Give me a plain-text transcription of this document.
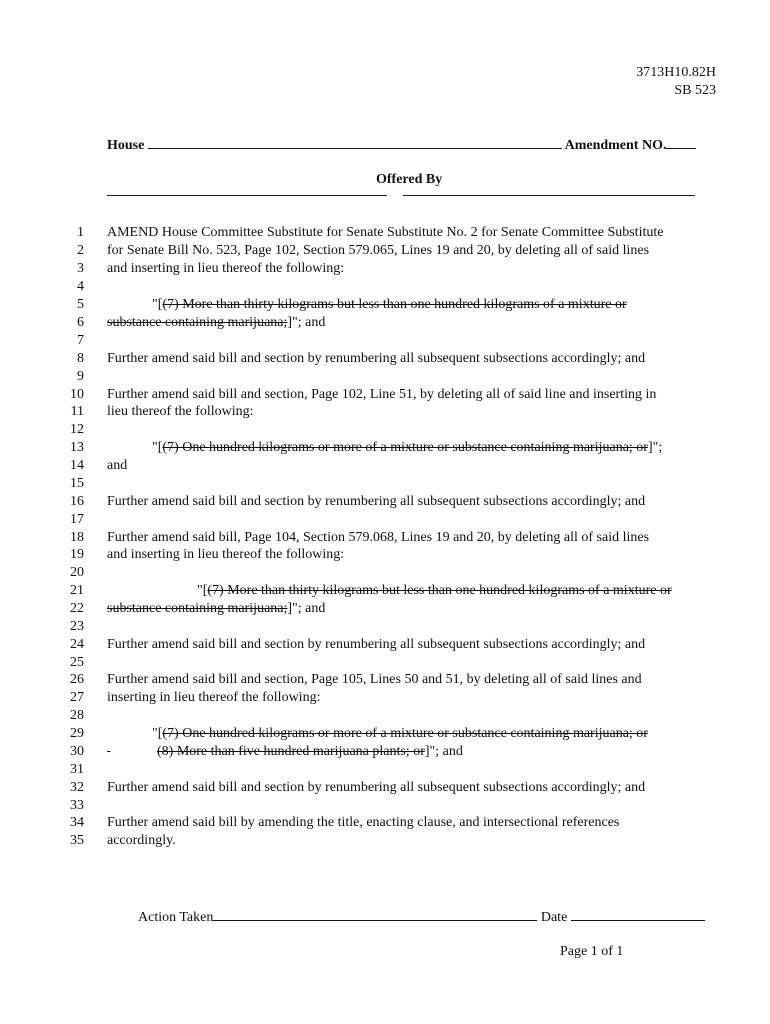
3713H10.82H
SB 523
House	Amendment NO.
Offered By
1
2
3
4
5
6
7
8
9
10
11
12
13
14
15
16
17
18
19
20
21
22
23
24
25
26
27
28
29
30
31
32
33
34
35
AMEND House Committee Substitute for Senate Substitute No. 2 for Senate Committee Substitute
for Senate Bill No. 523, Page 102, Section 579.065, Lines 19 and 20, by deleting all of said lines
and inserting in lieu thereof the following:
"[(7) More than thirty kilograms but less than one hundred kilograms of a mixture or
substance containing marijuana;]"; and
Further amend said bill and section by renumbering all subsequent subsections accordingly; and
Further amend said bill and section, Page 102, Line 51, by deleting all of said line and inserting in
lieu thereof the following:
"[(7) One hundred kilograms or more of a mixture or substance containing marijuana; or]";
and
Further amend said bill and section by renumbering all subsequent subsections accordingly; and
Further amend said bill, Page 104, Section 579.068, Lines 19 and 20, by deleting all of said lines
and inserting in lieu thereof the following:
"[(7) More than thirty kilograms but less than one hundred kilograms of a mixture or
substance containing marijuana;]"; and
Further amend said bill and section by renumbering all subsequent subsections accordingly; and
Further amend said bill and section, Page 105, Lines 50 and 51, by deleting all of said lines and
inserting in lieu thereof the following:
"[(7) One hundred kilograms or more of a mixture or substance containing marijuana; or
(8) More than five hundred marijuana plants; or]"; and
Further amend said bill and section by renumbering all subsequent subsections accordingly; and
Further amend said bill by amending the title, enacting clause, and intersectional references
accordingly.
Action Taken	Date
Page 1 of 1
